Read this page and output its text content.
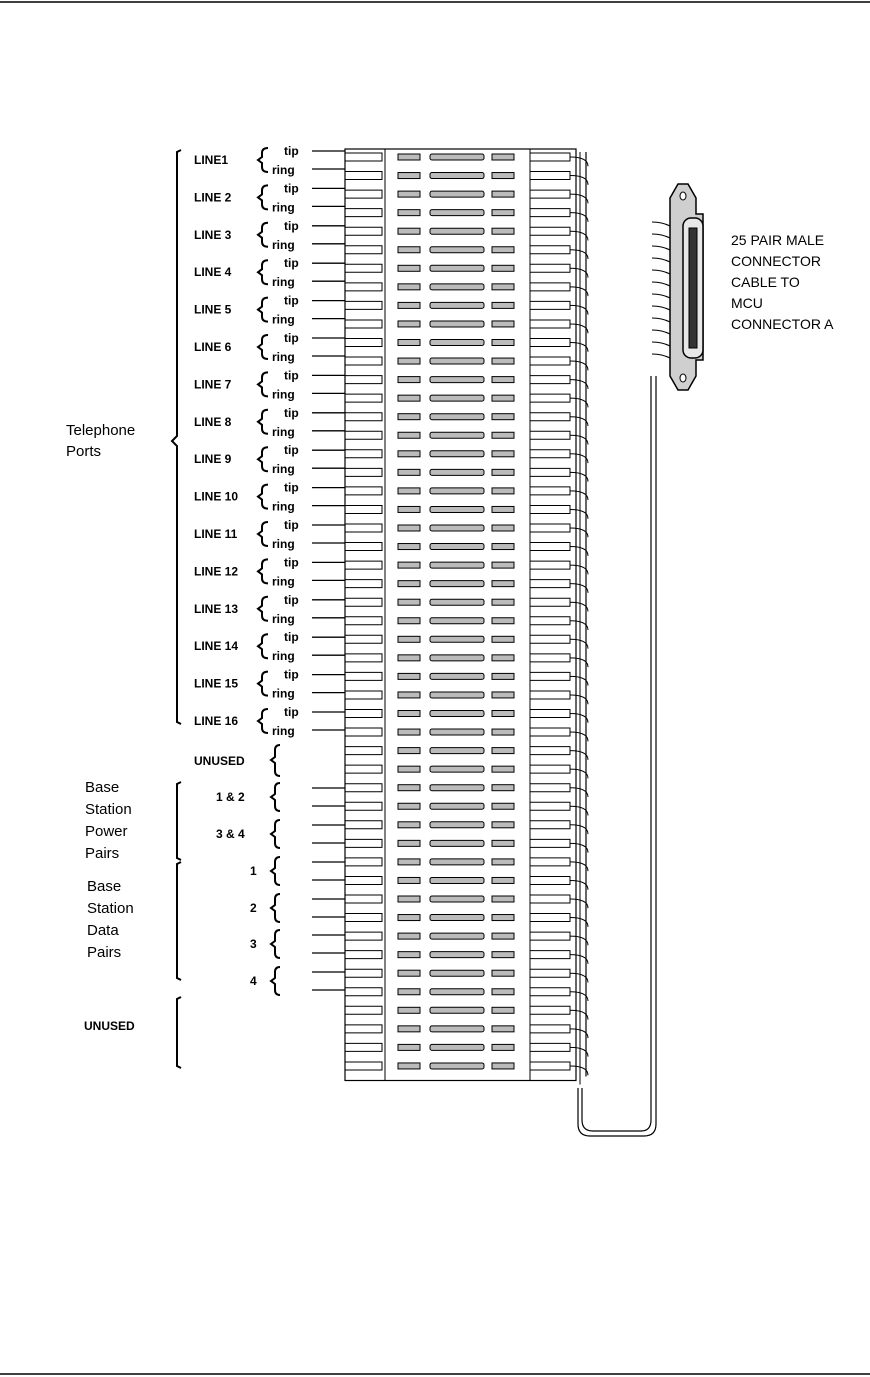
LINE1
tip
ring
LINE 2
tip
ring
LINE 3
tip
ring
LINE 4
tip
ring
LINE 5
tip
ring
LINE 6
tip
ring
LINE 7
tip
ring
LINE 8
tip
ring
LINE 9
tip
ring
LINE 10
tip
ring
LINE 11
tip
ring
LINE 12
tip
ring
LINE 13
tip
ring
LINE 14
tip
ring
LINE 15
tip
ring
LINE 16
tip
ring
Telephone
Ports
UNUSED
Base
Station
Power
Pairs
1 & 2
3 & 4
Base
Station
Data
Pairs
1
2
3
4
UNUSED
25 PAIR MALE
CONNECTOR
CABLE TO
MCU
CONNECTOR A
